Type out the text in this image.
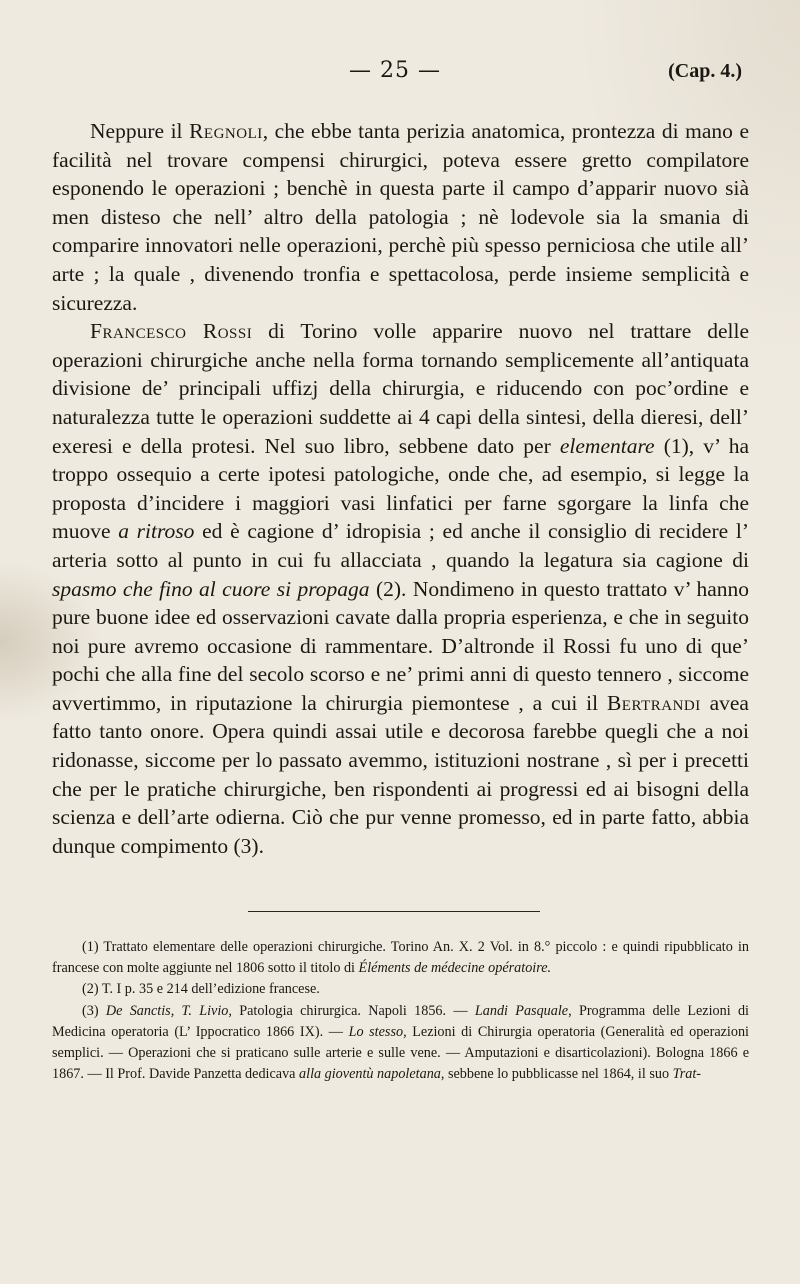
— 25 —	(Cap. 4.)

Neppure il Regnoli, che ebbe tanta perizia anatomica, prontezza di mano e facilità nel trovare compensi chirurgici, poteva essere gretto compilatore esponendo le operazioni ; benchè in questa parte il campo d’apparir nuovo sià men disteso che nell’ altro della patologia ; nè lodevole sia la smania di comparire innovatori nelle operazioni, perchè più spesso perniciosa che utile all’ arte ; la quale , divenendo tronfia e spettacolosa, perde insieme semplicità e sicurezza.

Francesco Rossi di Torino volle apparire nuovo nel trattare delle operazioni chirurgiche anche nella forma tornando semplicemente all’antiquata divisione de’ principali uffizj della chirurgia, e riducendo con poc’ordine e naturalezza tutte le operazioni suddette ai 4 capi della sintesi, della dieresi, dell’ exeresi e della protesi. Nel suo libro, sebbene dato per elementare (1), v’ ha troppo ossequio a certe ipotesi patologiche, onde che, ad esempio, si legge la proposta d’incidere i maggiori vasi linfatici per farne sgorgare la linfa che muove a ritroso ed è cagione d’ idropisia ; ed anche il consiglio di recidere l’ arteria sotto al punto in cui fu allacciata , quando la legatura sia cagione di spasmo che fino al cuore si propaga (2). Nondimeno in questo trattato v’ hanno pure buone idee ed osservazioni cavate dalla propria esperienza, e che in seguito noi pure avremo occasione di rammentare. D’altronde il Rossi fu uno di que’ pochi che alla fine del secolo scorso e ne’ primi anni di questo tennero , siccome avvertimmo, in riputazione la chirurgia piemontese , a cui il Bertrandi avea fatto tanto onore. Opera quindi assai utile e decorosa farebbe quegli che a noi ridonasse, siccome per lo passato avemmo, istituzioni nostrane , sì per i precetti che per le pratiche chirurgiche, ben rispondenti ai progressi ed ai bisogni della scienza e dell’arte odierna. Ciò che pur venne promesso, ed in parte fatto, abbia dunque compimento (3).

(1) Trattato elementare delle operazioni chirurgiche. Torino An. X. 2 Vol. in 8.° piccolo : e quindi ripubblicato in francese con molte aggiunte nel 1806 sotto il titolo di Éléments de médecine opératoire.

(2) T. I p. 35 e 214 dell’edizione francese.

(3) De Sanctis, T. Livio, Patologia chirurgica. Napoli 1856. — Landi Pasquale, Programma delle Lezioni di Medicina operatoria (L’ Ippocratico 1866 IX). — Lo stesso, Lezioni di Chirurgia operatoria (Generalità ed operazioni semplici. — Operazioni che si praticano sulle arterie e sulle vene. — Amputazioni e disarticolazioni). Bologna 1866 e 1867. — Il Prof. Davide Panzetta dedicava alla gioventù napoletana, sebbene lo pubblicasse nel 1864, il suo Trat-
